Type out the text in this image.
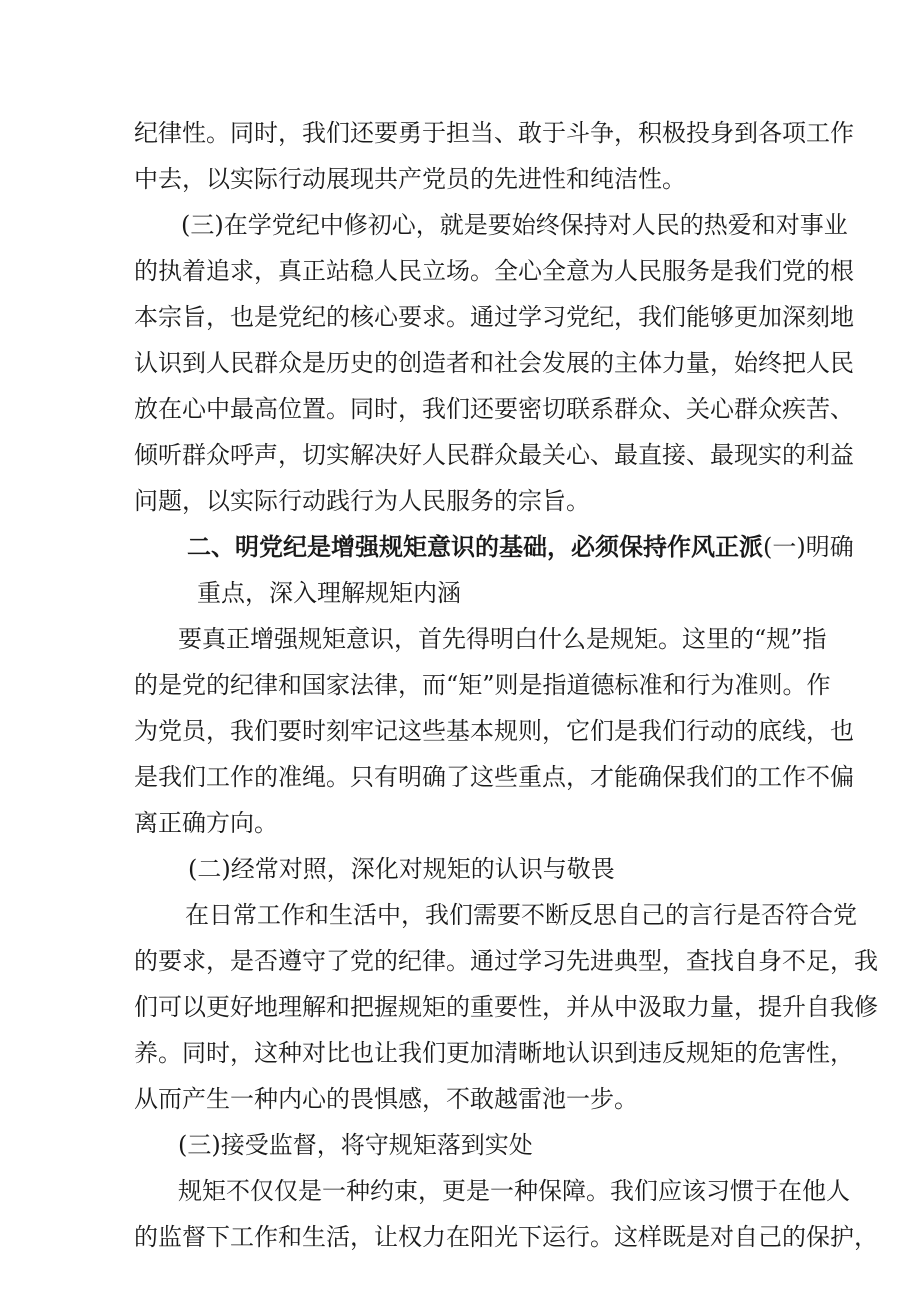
纪律性。同时，我们还要勇于担当、敢于斗争，积极投身到各项工作

中去，以实际行动展现共产党员的先进性和纯洁性。

(三)在学党纪中修初心，就是要始终保持对人民的热爱和对事业

的执着追求，真正站稳人民立场。全心全意为人民服务是我们党的根

本宗旨，也是党纪的核心要求。通过学习党纪，我们能够更加深刻地

认识到人民群众是历史的创造者和社会发展的主体力量，始终把人民

放在心中最高位置。同时，我们还要密切联系群众、关心群众疾苦、

倾听群众呼声，切实解决好人民群众最关心、最直接、最现实的利益

问题，以实际行动践行为人民服务的宗旨。

二、明党纪是增强规矩意识的基础，必须保持作风正派(一)明确

重点，深入理解规矩内涵

要真正增强规矩意识，首先得明白什么是规矩。这里的“规”指

的是党的纪律和国家法律，而“矩”则是指道德标准和行为准则。作

为党员，我们要时刻牢记这些基本规则，它们是我们行动的底线，也

是我们工作的准绳。只有明确了这些重点，才能确保我们的工作不偏

离正确方向。

(二)经常对照，深化对规矩的认识与敬畏

在日常工作和生活中，我们需要不断反思自己的言行是否符合党

的要求，是否遵守了党的纪律。通过学习先进典型，查找自身不足，我

们可以更好地理解和把握规矩的重要性，并从中汲取力量，提升自我修

养。同时，这种对比也让我们更加清晰地认识到违反规矩的危害性，

从而产生一种内心的畏惧感，不敢越雷池一步。

(三)接受监督，将守规矩落到实处

规矩不仅仅是一种约束，更是一种保障。我们应该习惯于在他人

的监督下工作和生活，让权力在阳光下运行。这样既是对自己的保护，
